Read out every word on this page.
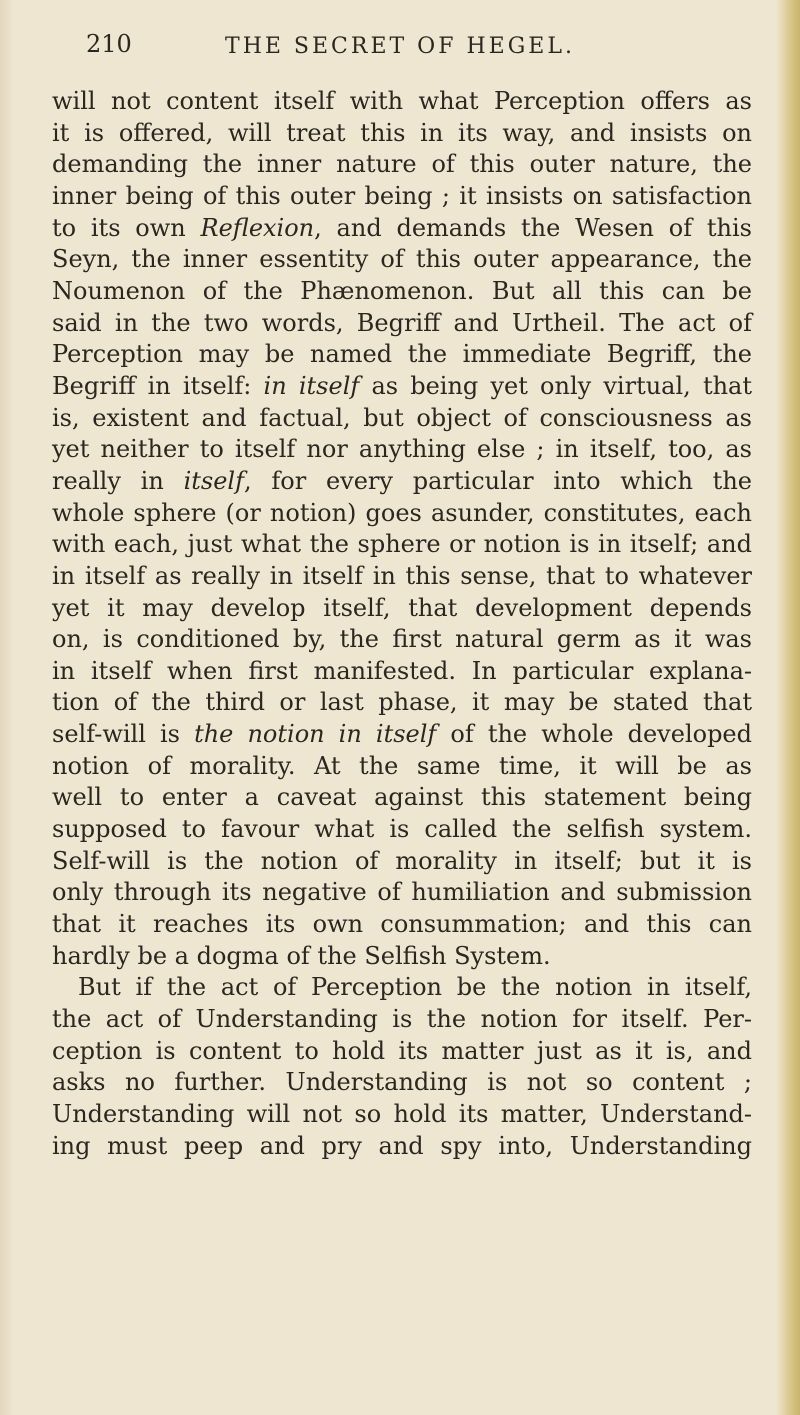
210	THE SECRET OF HEGEL.
will not content itself with what Perception offers as
it is offered, will treat this in its way, and insists on
demanding the inner nature of this outer nature, the
inner being of this outer being ; it insists on satisfaction
to its own Reflexion, and demands the Wesen of this
Seyn, the inner essentity of this outer appearance, the
Noumenon of the Phænomenon. But all this can be
said in the two words, Begriff and Urtheil. The act of
Perception may be named the immediate Begriff, the
Begriff in itself: in itself as being yet only virtual, that
is, existent and factual, but object of consciousness as
yet neither to itself nor anything else ; in itself, too, as
really in itself, for every particular into which the
whole sphere (or notion) goes asunder, constitutes, each
with each, just what the sphere or notion is in itself; and
in itself as really in itself in this sense, that to whatever
yet it may develop itself, that development depends
on, is conditioned by, the first natural germ as it was
in itself when first manifested. In particular explana-
tion of the third or last phase, it may be stated that
self-will is the notion in itself of the whole developed
notion of morality. At the same time, it will be as
well to enter a caveat against this statement being
supposed to favour what is called the selfish system.
Self-will is the notion of morality in itself; but it is
only through its negative of humiliation and submission
that it reaches its own consummation; and this can
hardly be a dogma of the Selfish System.
But if the act of Perception be the notion in itself,
the act of Understanding is the notion for itself. Per-
ception is content to hold its matter just as it is, and
asks no further. Understanding is not so content ;
Understanding will not so hold its matter, Understand-
ing must peep and pry and spy into, Understanding
